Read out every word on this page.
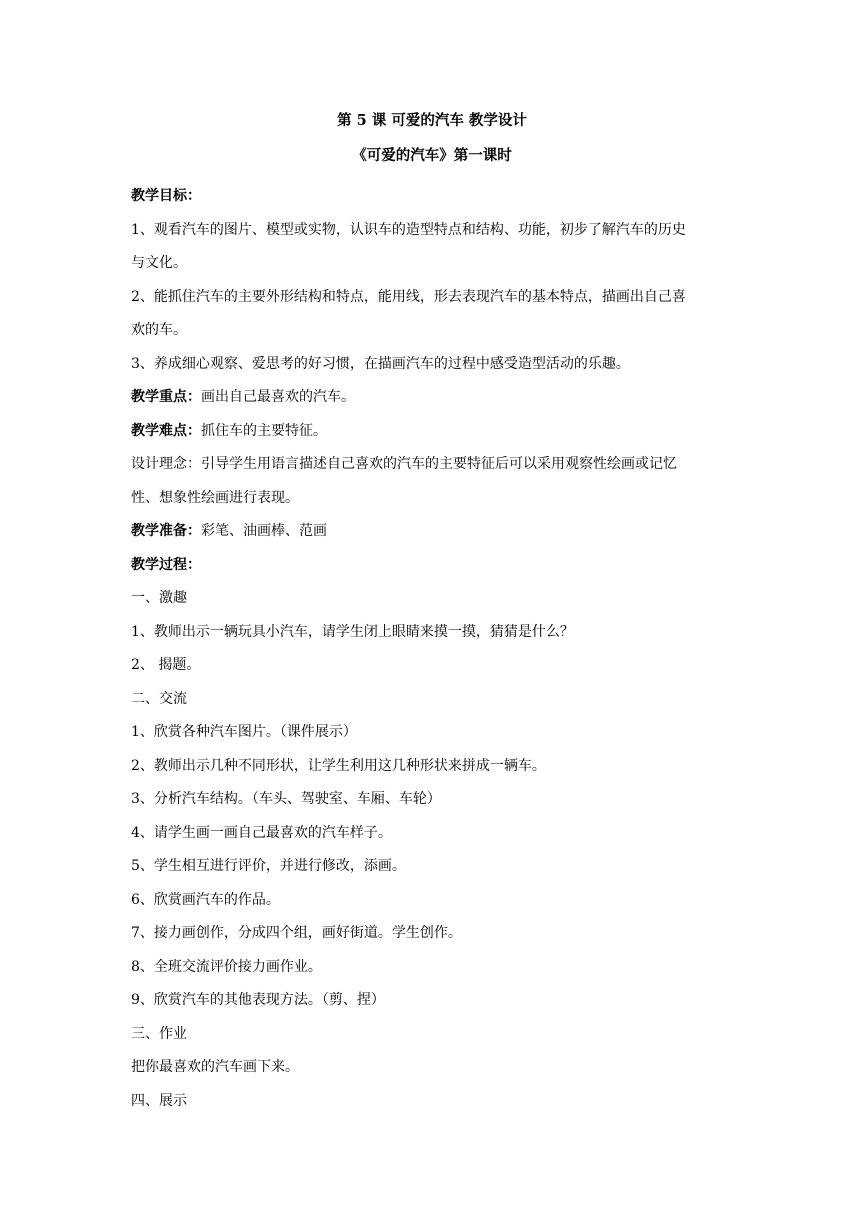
第 5 课 可爱的汽车 教学设计
《可爱的汽车》第一课时

教学目标：

1、观看汽车的图片、模型或实物，认识车的造型特点和结构、功能，初步了解汽车的历史

与文化。

2、能抓住汽车的主要外形结构和特点，能用线，形去表现汽车的基本特点，描画出自己喜

欢的车。

3、养成细心观察、爱思考的好习惯，在描画汽车的过程中感受造型活动的乐趣。

教学重点：画出自己最喜欢的汽车。

教学难点：抓住车的主要特征。

设计理念：引导学生用语言描述自己喜欢的汽车的主要特征后可以采用观察性绘画或记忆

性、想象性绘画进行表现。

教学准备：彩笔、油画棒、范画

教学过程：

一、激趣

1、教师出示一辆玩具小汽车，请学生闭上眼睛来摸一摸，猜猜是什么？

2、 揭题。

二、交流

1、欣赏各种汽车图片。（课件展示）

2、教师出示几种不同形状，让学生利用这几种形状来拼成一辆车。

3、分析汽车结构。（车头、驾驶室、车厢、车轮）

4、请学生画一画自己最喜欢的汽车样子。

5、学生相互进行评价，并进行修改，添画。

6、欣赏画汽车的作品。

7、接力画创作，分成四个组，画好街道。学生创作。

8、全班交流评价接力画作业。

9、欣赏汽车的其他表现方法。（剪、捏）

三、作业

把你最喜欢的汽车画下来。

四、展示
